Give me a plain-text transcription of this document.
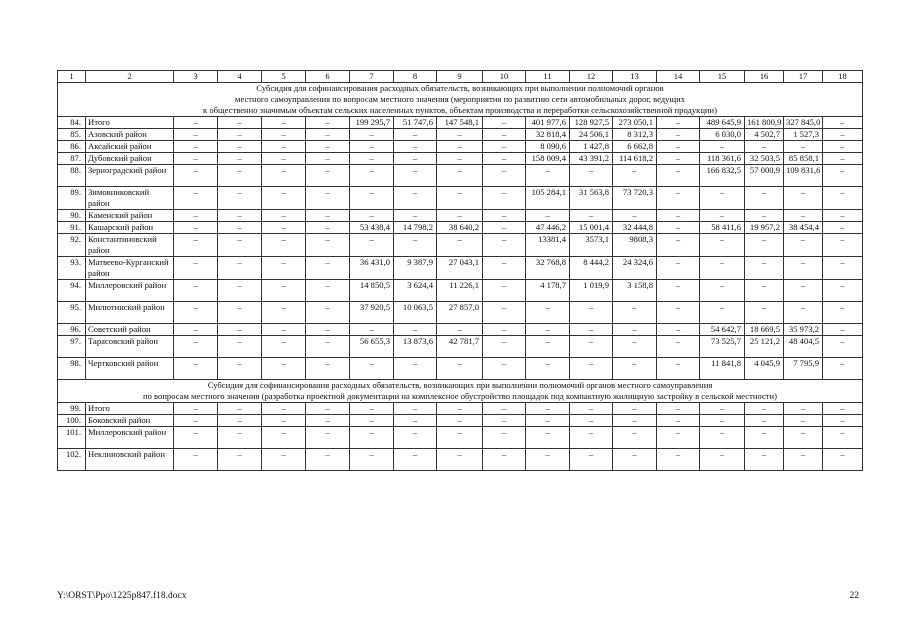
1	2	3	4	5	6	7	8	9	10	11	12	13	14	15	16	17	18

Субсидия для софинансирования расходных обязательств, возникающих при выполнении полномочий органов
местного самоуправления по вопросам местного значения (мероприятия по развитию сети автомобильных дорог, ведущих
к общественно значимым объектам сельских населенных пунктов, объектам производства и переработки сельскохозяйственной продукции)																	

84.	Итого	–	–	–	–	199 295,7	51 747,6	147 548,1	–	401 977,6	128 927,5	273 050,1	–	489 645,9	161 800,9	327 845,0	–
85.	Азовский район	–	–	–	–	–	–	–	–	32 818,4	24 506,1	8 312,3	–	6 030,0	4 502,7	1 527,3	–
86.	Аксайский район	–	–	–	–	–	–	–	–	8 090,6	1 427,8	6 662,8	–	–	–	–	–
87.	Дубовский район	–	–	–	–	–	–	–	–	158 009,4	43 391,2	114 618,2	–	118 361,6	32 503,5	85 858,1	–
88.	Зерноградский район	–	–	–	–	–	–	–	–	–	–	–	–	166 832,5	57 000,9	109 831,6	–
89.	Зимовниковский район	–	–	–	–	–	–	–	–	105 284,1	31 563,8	73 720,3	–	–	–	–	–
90.	Каменский район	–	–	–	–	–	–	–	–	–	–	–	–	–	–	–	–
91.	Кашарский район	–	–	–	–	53 438,4	14 798,2	38 640,2	–	47 446,2	15 001,4	32 444,8	–	58 411,6	19 957,2	38 454,4	–
92.	Константиновский район	–	–	–	–	–	–	–	–	13381,4	3573,1	9808,3	–	–	–	–	–
93.	Матвеево-Курганский район	–	–	–	–	36 431,0	9 387,9	27 043,1	–	32 768,8	8 444,2	24 324,6	–	–	–	–	–
94.	Миллеровский район	–	–	–	–	14 850,5	3 624,4	11 226,1	–	4 178,7	1 019,9	3 158,8	–	–	–	–	–
95.	Милютинский район	–	–	–	–	37 920,5	10 063,5	27 857,0	–	–	–	–	–	–	–	–	–
96.	Советский район	–	–	–	–	–	–	–	–	–	–	–	–	54 642,7	18 669,5	35 973,2	–
97.	Тарасовский район	–	–	–	–	56 655,3	13 873,6	42 781,7	–	–	–	–	–	73 525,7	25 121,2	48 404,5	–
98.	Чертковский район	–	–	–	–	–	–	–	–	–	–	–	–	11 841,8	4 045,9	7 795,9	–

Субсидия для софинансирования расходных обязательств, возникающих при выполнении полномочий органов местного самоуправления
по вопросам местного значения (разработка проектной документации на комплексное обустройство площадок под компактную жилищную застройку в сельской местности)																	

99.	Итого	–	–	–	–	–	–	–	–	–	–	–	–	–	–	–	–
100.	Боковский район	–	–	–	–	–	–	–	–	–	–	–	–	–	–	–	–
101.	Миллеровский район	–	–	–	–	–	–	–	–	–	–	–	–	–	–	–	–
102.	Неклиновский район	–	–	–	–	–	–	–	–	–	–	–	–	–	–	–	–
Y:\ORST\Ppo\1225p847.f18.docx	22
